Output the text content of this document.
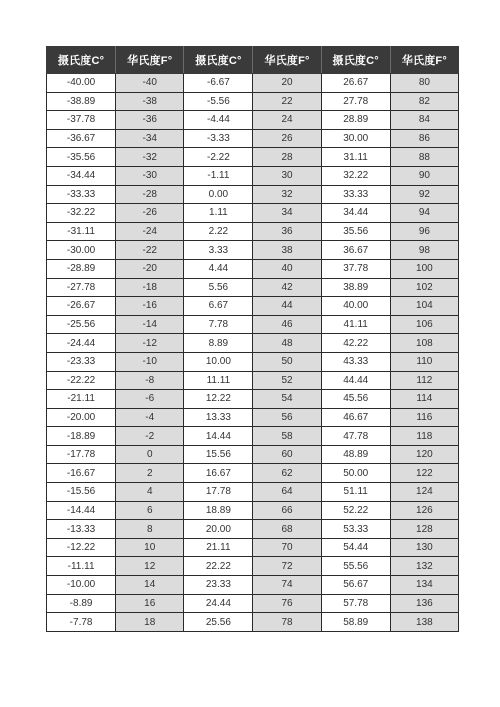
摄氏度C°	华氏度F°	摄氏度C°	华氏度F°	摄氏度C°	华氏度F°
-40.00	-40	-6.67	20	26.67	80
-38.89	-38	-5.56	22	27.78	82
-37.78	-36	-4.44	24	28.89	84
-36.67	-34	-3.33	26	30.00	86
-35.56	-32	-2.22	28	31.11	88
-34.44	-30	-1.11	30	32.22	90
-33.33	-28	0.00	32	33.33	92
-32.22	-26	1.11	34	34.44	94
-31.11	-24	2.22	36	35.56	96
-30.00	-22	3.33	38	36.67	98
-28.89	-20	4.44	40	37.78	100
-27.78	-18	5.56	42	38.89	102
-26.67	-16	6.67	44	40.00	104
-25.56	-14	7.78	46	41.11	106
-24.44	-12	8.89	48	42.22	108
-23.33	-10	10.00	50	43.33	110
-22.22	-8	11.11	52	44.44	112
-21.11	-6	12.22	54	45.56	114
-20.00	-4	13.33	56	46.67	116
-18.89	-2	14.44	58	47.78	118
-17.78	0	15.56	60	48.89	120
-16.67	2	16.67	62	50.00	122
-15.56	4	17.78	64	51.11	124
-14.44	6	18.89	66	52.22	126
-13.33	8	20.00	68	53.33	128
-12.22	10	21.11	70	54.44	130
-11.11	12	22.22	72	55.56	132
-10.00	14	23.33	74	56.67	134
-8.89	16	24.44	76	57.78	136
-7.78	18	25.56	78	58.89	138
